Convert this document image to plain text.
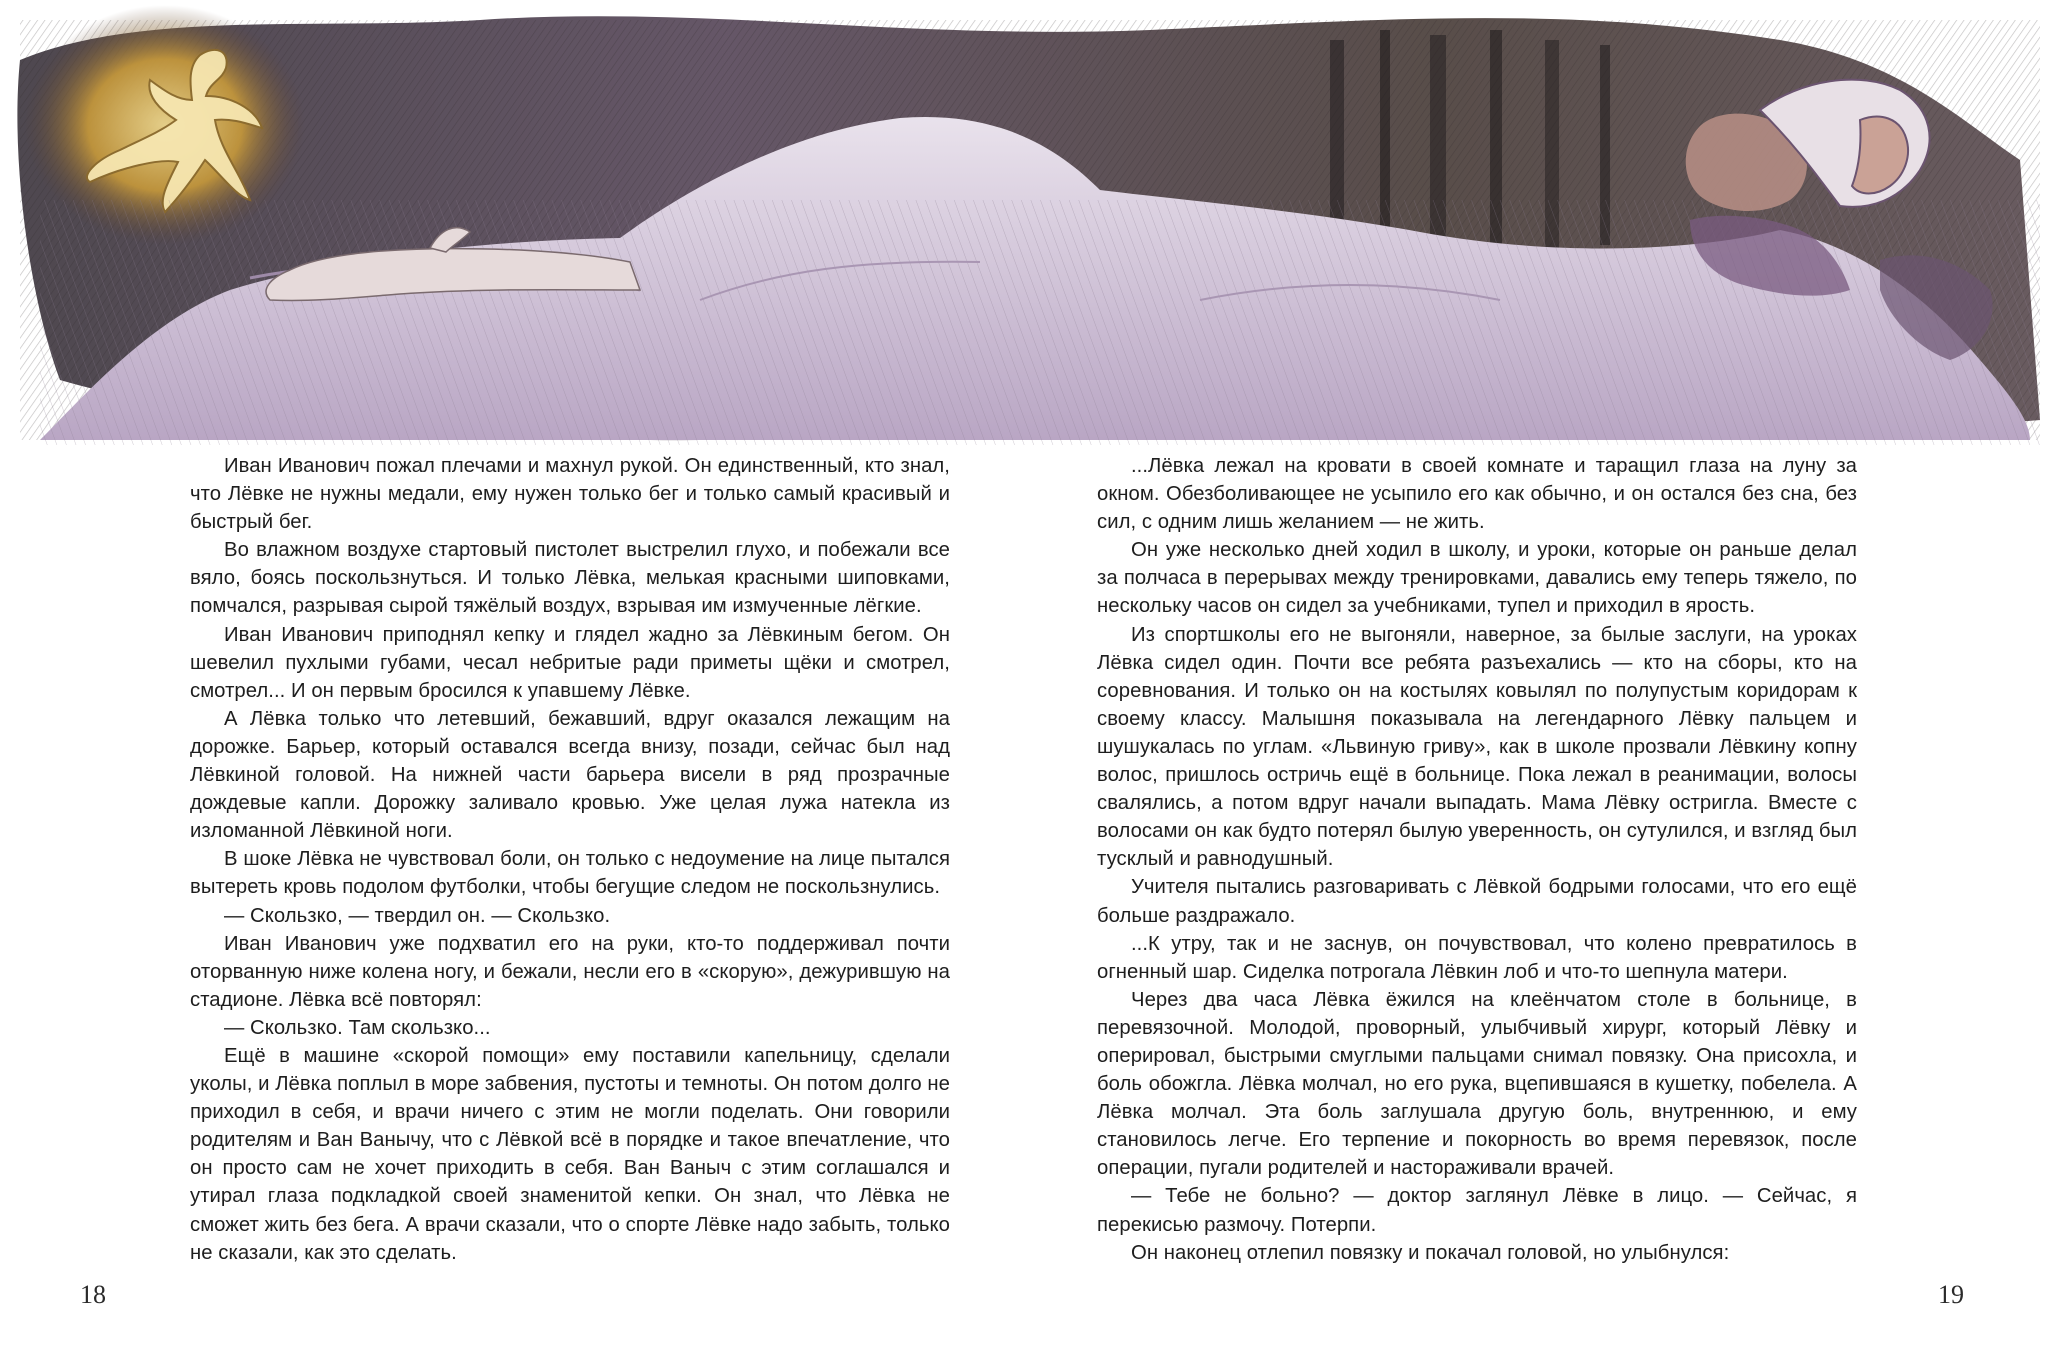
Иван Иванович пожал плечами и махнул рукой. Он единственный, кто знал, что Лёвке не нужны медали, ему нужен только бег и только самый красивый и быстрый бег.

Во влажном воздухе стартовый пистолет выстрелил глухо, и побежали все вяло, боясь поскользнуться. И только Лёвка, мелькая красными шиповками, помчался, разрывая сырой тяжёлый воздух, взрывая им измученные лёгкие.

Иван Иванович приподнял кепку и глядел жадно за Лёвкиным бегом. Он шевелил пухлыми губами, чесал небритые ради приметы щёки и смотрел, смотрел... И он первым бросился к упавшему Лёвке.

А Лёвка только что летевший, бежавший, вдруг оказался лежащим на дорожке. Барьер, который оставался всегда внизу, позади, сейчас был над Лёвкиной головой. На нижней части барьера висели в ряд прозрачные дождевые капли. Дорожку заливало кровью. Уже целая лужа натекла из изломанной Лёвкиной ноги.

В шоке Лёвка не чувствовал боли, он только с недоумение на лице пытался вытереть кровь подолом футболки, чтобы бегущие следом не поскользнулись.

— Скользко, — твердил он. — Скользко.

Иван Иванович уже подхватил его на руки, кто-то поддерживал почти оторванную ниже колена ногу, и бежали, несли его в «скорую», дежурившую на стадионе. Лёвка всё повторял:

— Скользко. Там скользко...

Ещё в машине «скорой помощи» ему поставили капельницу, сделали уколы, и Лёвка поплыл в море забвения, пустоты и темноты. Он потом долго не приходил в себя, и врачи ничего с этим не могли поделать. Они говорили родителям и Ван Ванычу, что с Лёвкой всё в порядке и такое впечатление, что он просто сам не хочет приходить в себя. Ван Ваныч с этим соглашался и утирал глаза подкладкой своей знаменитой кепки. Он знал, что Лёвка не сможет жить без бега. А врачи сказали, что о спорте Лёвке надо забыть, только не сказали, как это сделать.

...Лёвка лежал на кровати в своей комнате и таращил глаза на луну за окном. Обезболивающее не усыпило его как обычно, и он остался без сна, без сил, с одним лишь желанием — не жить.

Он уже несколько дней ходил в школу, и уроки, которые он раньше делал за полчаса в перерывах между тренировками, давались ему теперь тяжело, по нескольку часов он сидел за учебниками, тупел и приходил в ярость.

Из спортшколы его не выгоняли, наверное, за былые заслуги, на уроках Лёвка сидел один. Почти все ребята разъехались — кто на сборы, кто на соревнования. И только он на костылях ковылял по полупустым коридорам к своему классу. Малышня показывала на легендарного Лёвку пальцем и шушукалась по углам. «Львиную гриву», как в школе прозвали Лёвкину копну волос, пришлось остричь ещё в больнице. Пока лежал в реанимации, волосы свалялись, а потом вдруг начали выпадать. Мама Лёвку остригла. Вместе с волосами он как будто потерял былую уверенность, он сутулился, и взгляд был тусклый и равнодушный.

Учителя пытались разговаривать с Лёвкой бодрыми голосами, что его ещё больше раздражало.

...К утру, так и не заснув, он почувствовал, что колено превратилось в огненный шар. Сиделка потрогала Лёвкин лоб и что-то шепнула матери.

Через два часа Лёвка ёжился на клеёнчатом столе в больнице, в перевязочной. Молодой, проворный, улыбчивый хирург, который Лёвку и оперировал, быстрыми смуглыми пальцами снимал повязку. Она присохла, и боль обожгла. Лёвка молчал, но его рука, вцепившаяся в кушетку, побелела. А Лёвка молчал. Эта боль заглушала другую боль, внутреннюю, и ему становилось легче. Его терпение и покорность во время перевязок, после операции, пугали родителей и настораживали врачей.

— Тебе не больно? — доктор заглянул Лёвке в лицо. — Сейчас, я перекисью размочу. Потерпи.

Он наконец отлепил повязку и покачал головой, но улыбнулся:

18	19
